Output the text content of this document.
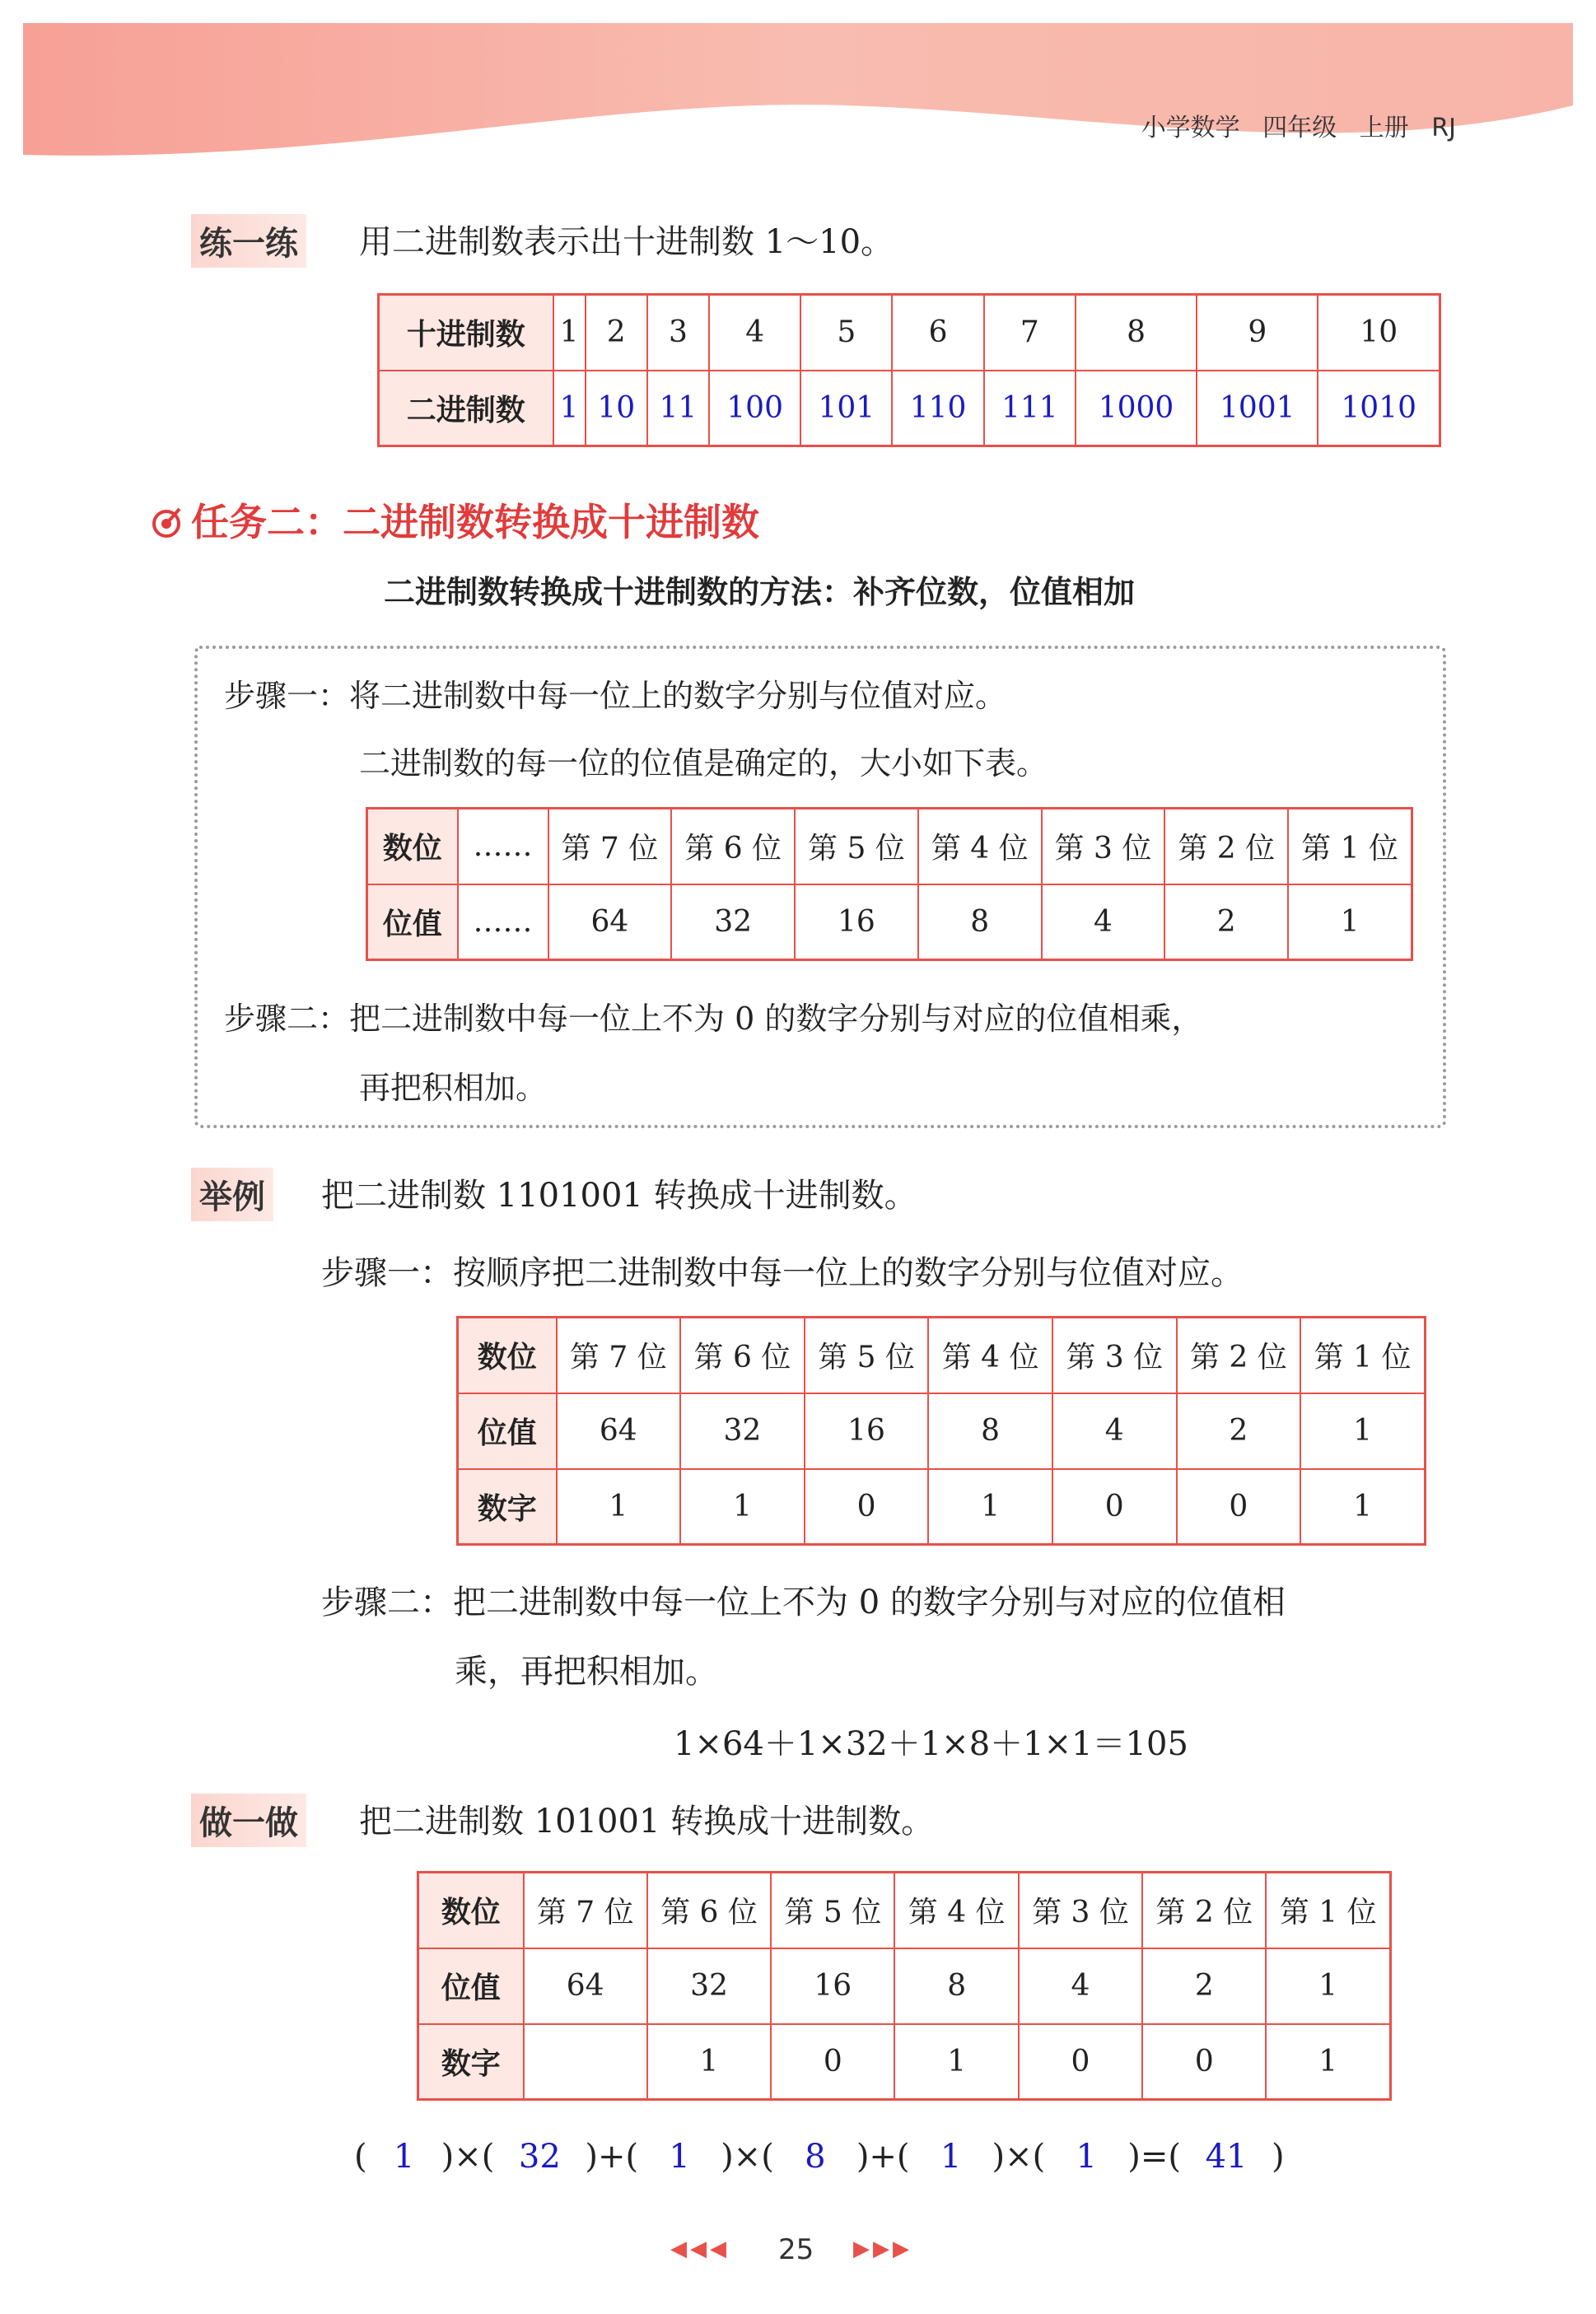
小学数学 四年级 上册 RJ
练一练 用二进制数表示出十进制数 1～10。
十进制数	1	2	3	4	5	6	7	8	9	10
二进制数	1	10	11	100	101	110	111	1000	1001	1010
任务二：二进制数转换成十进制数
二进制数转换成十进制数的方法：补齐位数，位值相加
步骤一：将二进制数中每一位上的数字分别与位值对应。
二进制数的每一位的位值是确定的，大小如下表。
数位	……	第 7 位	第 6 位	第 5 位	第 4 位	第 3 位	第 2 位	第 1 位
位值	……	64	32	16	8	4	2	1
步骤二：把二进制数中每一位上不为 0 的数字分别与对应的位值相乘，
再把积相加。
举例 把二进制数 1101001 转换成十进制数。
步骤一：按顺序把二进制数中每一位上的数字分别与位值对应。
数位	第 7 位	第 6 位	第 5 位	第 4 位	第 3 位	第 2 位	第 1 位
位值	64	32	16	8	4	2	1
数字	1	1	0	1	0	0	1
步骤二：把二进制数中每一位上不为 0 的数字分别与对应的位值相
乘，再把积相加。
1×64＋1×32＋1×8＋1×1＝105
做一做 把二进制数 101001 转换成十进制数。
数位	第 7 位	第 6 位	第 5 位	第 4 位	第 3 位	第 2 位	第 1 位
位值	64	32	16	8	4	2	1
数字		1	0	1	0	0	1
( 1 )×( 32 )+( 1 )×( 8 )+( 1 )×( 1 )=( 41 )
◀◀◀ 25 ▶▶▶
